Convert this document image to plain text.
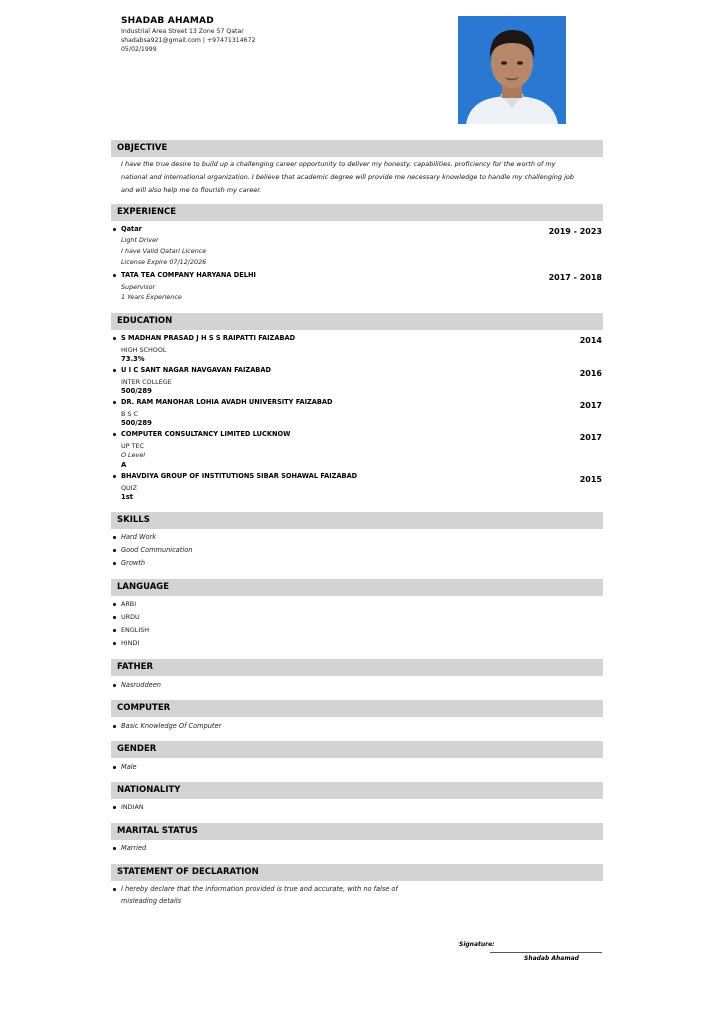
SHADAB AHAMAD
Industrial Area Street 13 Zone 57 Qatar
shadabsa921@gmail.com | +97471314672
05/02/1999
OBJECTIVE
I have the true desire to build up a challenging career opportunity to deliver my honesty, capabilities, proficiency for the worth of my
national and international organization. I believe that academic degree will provide me necessary knowledge to handle my challenging job
and will also help me to flourish my career.
EXPERIENCE
Qatar
Light Driver
I have Valid Qatari Licence
License Expire 07/12/2026
2019 - 2023
TATA TEA COMPANY HARYANA DELHI
Supervisor
1 Years Experience
2017 - 2018
EDUCATION
S MADHAN PRASAD J H S S RAIPATTI FAIZABAD
HIGH SCHOOL
73.3%
2014
U I C SANT NAGAR NAVGAVAN FAIZABAD
INTER COLLEGE
500/289
2016
DR. RAM MANOHAR LOHIA AVADH UNIVERSITY FAIZABAD
B S C
500/289
2017
COMPUTER CONSULTANCY LIMITED LUCKNOW
UP TEC
O Level
A
2017
BHAVDIYA GROUP OF INSTITUTIONS SIBAR SOHAWAL FAIZABAD
QUIZ
1st
2015
SKILLS
Hard Work
Good Communication
Growth
LANGUAGE
ARBI
URDU
ENGLISH
HINDI
FATHER
Nasruddeen
COMPUTER
Basic Knowledge Of Computer
GENDER
Male
NATIONALITY
INDIAN
MARITAL STATUS
Married
STATEMENT OF DECLARATION
I hereby declare that the information provided is true and accurate, with no false of
misleading details
Signature:
Shadab Ahamad
